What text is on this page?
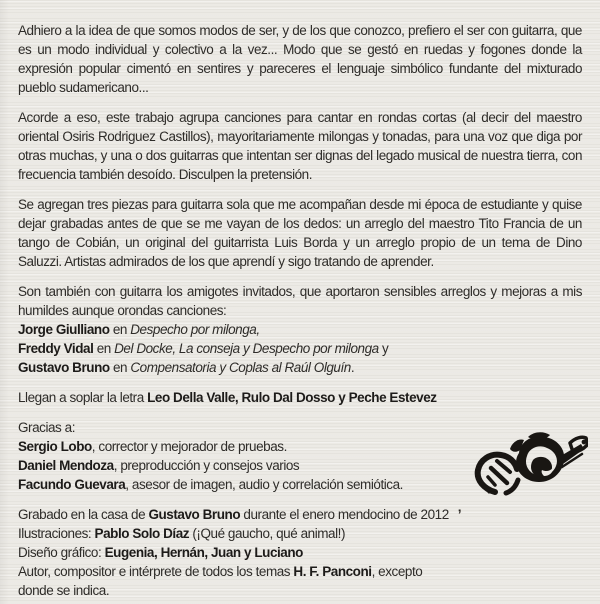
Adhiero a la idea de que somos modos de ser, y de los que conozco, prefiero el ser con guitarra, que es un modo individual y colectivo a la vez... Modo que se gestó en ruedas y fogones donde la expresión popular cimentó en sentires y pareceres el lenguaje simbólico fundante del mixturado pueblo sudamericano...

Acorde a eso, este trabajo agrupa canciones para cantar en rondas cortas (al decir del maestro oriental Osiris Rodriguez Castillos), mayoritariamente milongas y tonadas, para una voz que diga por otras muchas, y una o dos guitarras que intentan ser dignas del legado musical de nuestra tierra, con frecuencia también desoído. Disculpen la pretensión.

Se agregan tres piezas para guitarra sola que me acompañan desde mi época de estudiante y quise dejar grabadas antes de que se me vayan de los dedos: un arreglo del maestro Tito Francia de un tango de Cobián, un original del guitarrista Luis Borda y un arreglo propio de un tema de Dino Saluzzi. Artistas admirados de los que aprendí y sigo tratando de aprender.

Son también con guitarra los amigotes invitados, que aportaron sensibles arreglos y mejoras a mis humildes aunque orondas canciones:
Jorge Giulliano en Despecho por milonga,
Freddy Vidal en Del Docke, La conseja y Despecho por milonga y
Gustavo Bruno en Compensatoria y Coplas al Raúl Olguín.
Llegan a soplar la letra Leo Della Valle, Rulo Dal Dosso y Peche Estevez
Gracias a:
Sergio Lobo, corrector y mejorador de pruebas.
Daniel Mendoza, preproducción y consejos varios
Facundo Guevara, asesor de imagen, audio y correlación semiótica.
Grabado en la casa de Gustavo Bruno durante el enero mendocino de 2012 ’
Ilustraciones: Pablo Solo Díaz (¡Qué gaucho, qué animal!)
Diseño gráfico: Eugenia, Hernán, Juan y Luciano
Autor, compositor e intérprete de todos los temas H. F. Panconi, excepto
donde se indica.
